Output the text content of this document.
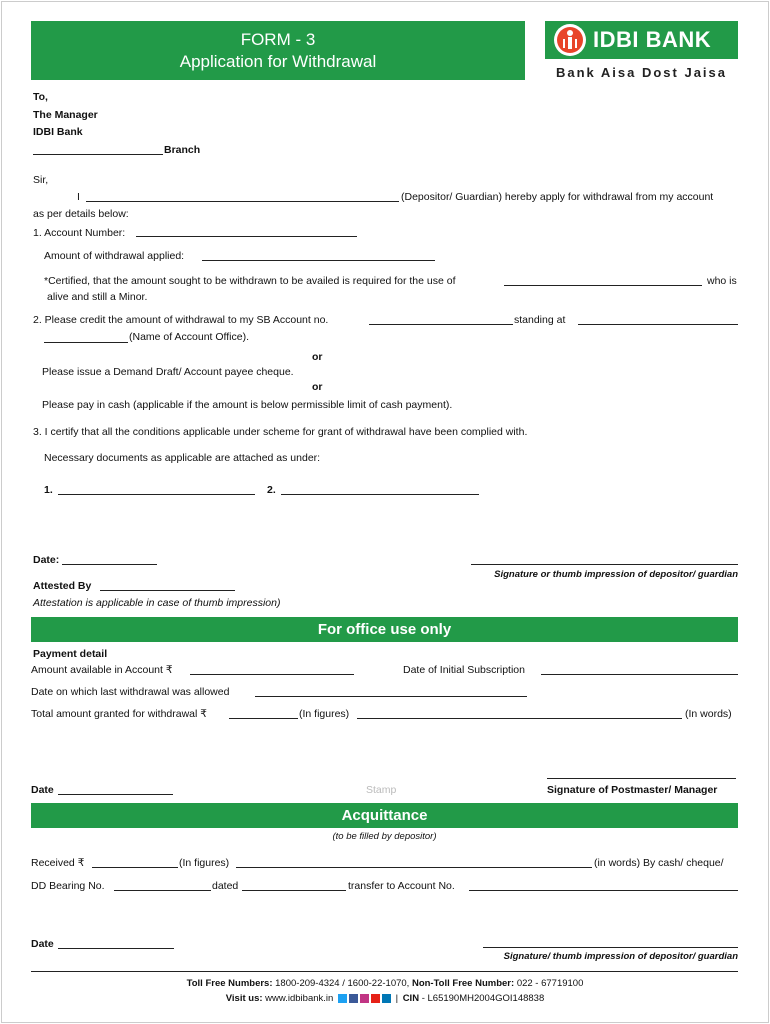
FORM - 3
Application for Withdrawal
IDBI BANK
Bank Aisa Dost Jaisa
To,
The Manager
IDBI Bank
Branch
Sir,
I	(Depositor/ Guardian) hereby apply for withdrawal from my account
as per details below:
1. Account Number:
Amount of withdrawal applied:
*Certified, that the amount sought to be withdrawn to be availed is required for the use of	who is
alive and still a Minor.
2. Please credit the amount of withdrawal to my SB Account no.	standing at
(Name of Account Office).
or
Please issue a Demand Draft/ Account payee cheque.
or
Please pay in cash (applicable if the amount is below permissible limit of cash payment).
3. I certify that all the conditions applicable under scheme for grant of withdrawal have been complied with.
Necessary documents as applicable are attached as under:
1.	2.
Date:
Signature or thumb impression of depositor/ guardian
Attested By
Attestation is applicable in case of thumb impression)
For office use only
Payment detail
Amount available in Account ₹	Date of Initial Subscription
Date on which last withdrawal was allowed
Total amount granted for withdrawal ₹	(In figures)	(In words)
Date	Stamp	Signature of Postmaster/ Manager
Acquittance
(to be filled by depositor)
Received ₹	(In figures)	(in words) By cash/ cheque/
DD Bearing No.	dated	transfer to Account No.
Date
Signature/ thumb impression of depositor/ guardian
Toll Free Numbers: 1800-209-4324 / 1600-22-1070, Non-Toll Free Number: 022 - 67719100
Visit us: www.idbibank.in	| CIN - L65190MH2004GOI148838
